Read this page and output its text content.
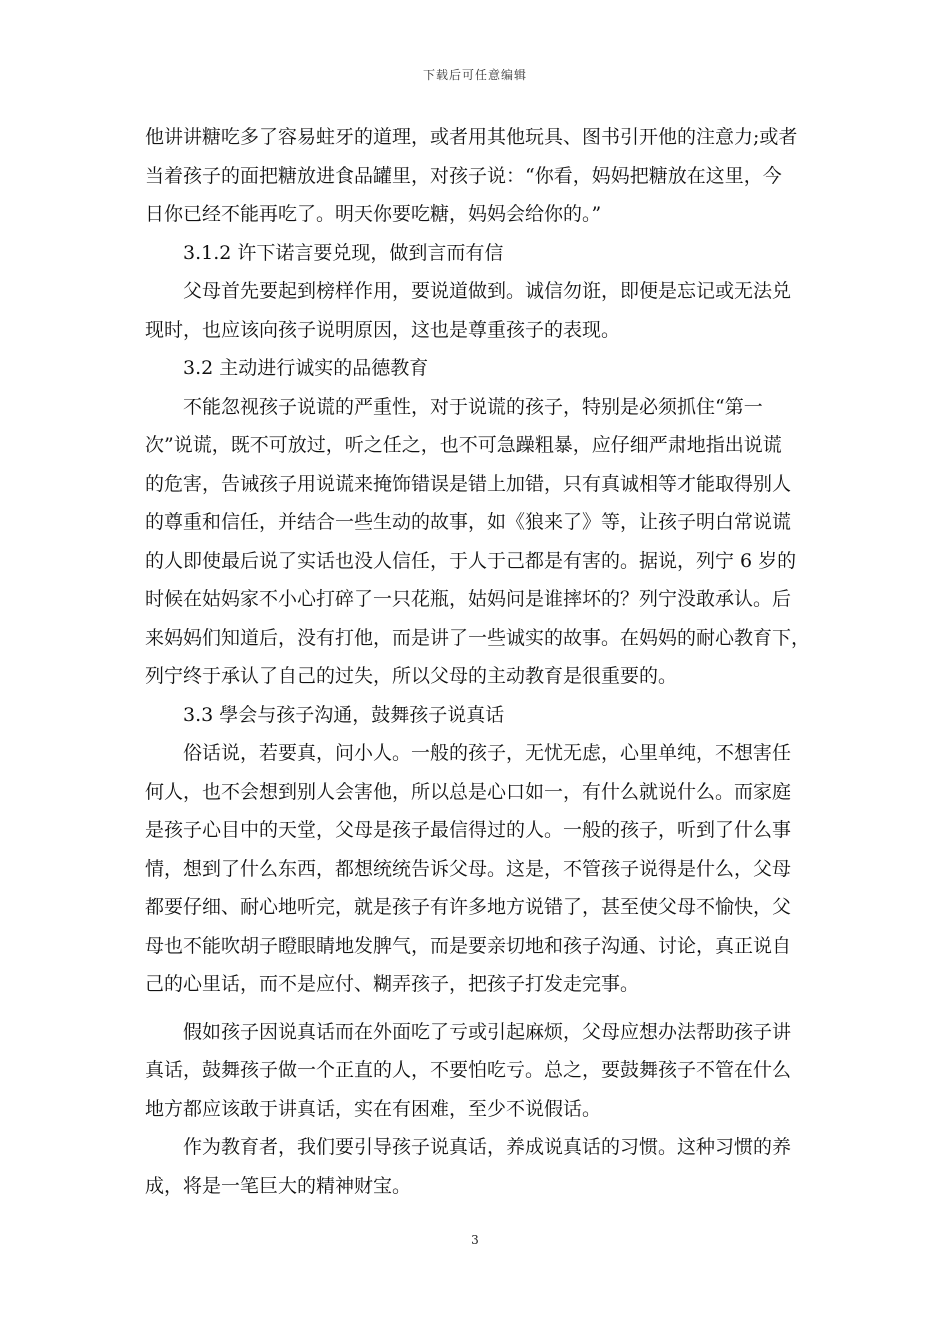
下载后可任意编辑
他讲讲糖吃多了容易蛀牙的道理，或者用其他玩具、图书引开他的注意力;或者
当着孩子的面把糖放进食品罐里，对孩子说：“你看，妈妈把糖放在这里，今
日你已经不能再吃了。明天你要吃糖，妈妈会给你的。”
　　3.1.2 许下诺言要兑现，做到言而有信
　　父母首先要起到榜样作用，要说道做到。诚信勿诳，即便是忘记或无法兑
现时，也应该向孩子说明原因，这也是尊重孩子的表现。
　　3.2 主动进行诚实的品德教育
　　不能忽视孩子说谎的严重性，对于说谎的孩子，特别是必须抓住“第一
次”说谎，既不可放过，听之任之，也不可急躁粗暴，应仔细严肃地指出说谎
的危害，告诫孩子用说谎来掩饰错误是错上加错，只有真诚相等才能取得别人
的尊重和信任，并结合一些生动的故事，如《狼来了》等，让孩子明白常说谎
的人即使最后说了实话也没人信任，于人于己都是有害的。据说，列宁 6 岁的
时候在姑妈家不小心打碎了一只花瓶，姑妈问是谁摔坏的？列宁没敢承认。后
来妈妈们知道后，没有打他，而是讲了一些诚实的故事。在妈妈的耐心教育下，
列宁终于承认了自己的过失，所以父母的主动教育是很重要的。
　　3.3 學会与孩子沟通，鼓舞孩子说真话
　　俗话说，若要真，问小人。一般的孩子，无忧无虑，心里单纯，不想害任
何人，也不会想到别人会害他，所以总是心口如一，有什么就说什么。而家庭
是孩子心目中的天堂，父母是孩子最信得过的人。一般的孩子，听到了什么事
情，想到了什么东西，都想统统告诉父母。这是，不管孩子说得是什么，父母
都要仔细、耐心地听完，就是孩子有许多地方说错了，甚至使父母不愉快，父
母也不能吹胡子瞪眼睛地发脾气，而是要亲切地和孩子沟通、讨论，真正说自
己的心里话，而不是应付、糊弄孩子，把孩子打发走完事。
　　假如孩子因说真话而在外面吃了亏或引起麻烦，父母应想办法帮助孩子讲
真话，鼓舞孩子做一个正直的人，不要怕吃亏。总之，要鼓舞孩子不管在什么
地方都应该敢于讲真话，实在有困难，至少不说假话。
　　作为教育者，我们要引导孩子说真话，养成说真话的习惯。这种习惯的养
成，将是一笔巨大的精神财宝。
3
